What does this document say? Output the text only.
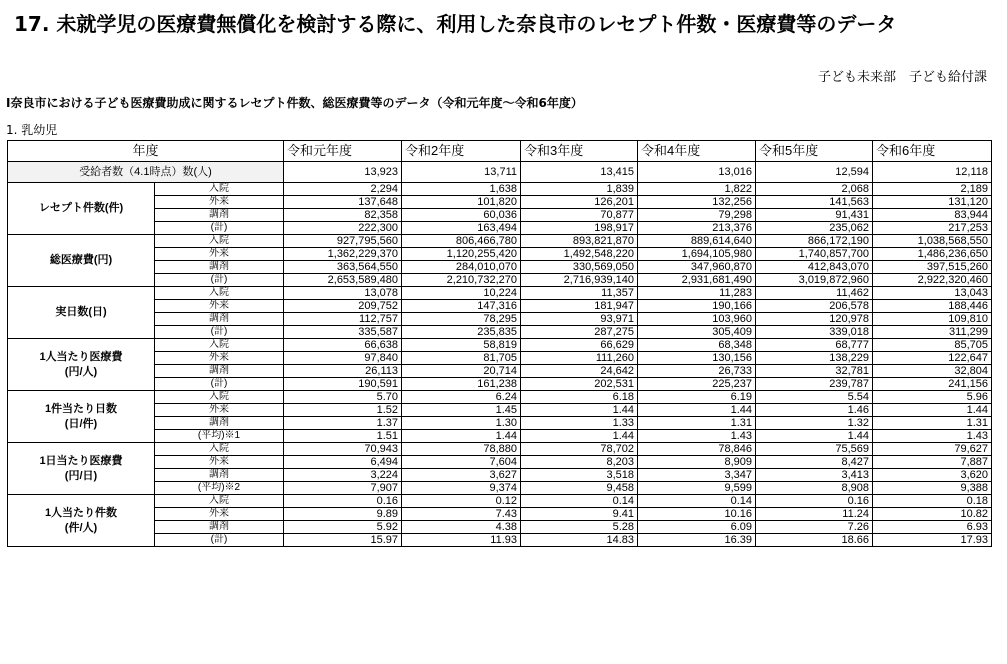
17. 未就学児の医療費無償化を検討する際に、利用した奈良市のレセプト件数・医療費等のデータ
子ども未来部　子ども給付課
Ⅰ奈良市における子ども医療費助成に関するレセプト件数、総医療費等のデータ（令和元年度～令和6年度）
1. 乳幼児
年度		令和元年度	令和2年度	令和3年度	令和4年度	令和5年度	令和6年度
受給者数（4.1時点）数(人)		13,923	13,711	13,415	13,016	12,594	12,118
レセプト件数(件)	入院	2,294	1,638	1,839	1,822	2,068	2,189
	外来	137,648	101,820	126,201	132,256	141,563	131,120
	調剤	82,358	60,036	70,877	79,298	91,431	83,944
	(計)	222,300	163,494	198,917	213,376	235,062	217,253
総医療費(円)	入院	927,795,560	806,466,780	893,821,870	889,614,640	866,172,190	1,038,568,550
	外来	1,362,229,370	1,120,255,420	1,492,548,220	1,694,105,980	1,740,857,700	1,486,236,650
	調剤	363,564,550	284,010,070	330,569,050	347,960,870	412,843,070	397,515,260
	(計)	2,653,589,480	2,210,732,270	2,716,939,140	2,931,681,490	3,019,872,960	2,922,320,460
実日数(日)	入院	13,078	10,224	11,357	11,283	11,462	13,043
	外来	209,752	147,316	181,947	190,166	206,578	188,446
	調剤	112,757	78,295	93,971	103,960	120,978	109,810
	(計)	335,587	235,835	287,275	305,409	339,018	311,299
1人当たり医療費
(円/人)	入院	66,638	58,819	66,629	68,348	68,777	85,705
	外来	97,840	81,705	111,260	130,156	138,229	122,647
	調剤	26,113	20,714	24,642	26,733	32,781	32,804
	(計)	190,591	161,238	202,531	225,237	239,787	241,156
1件当たり日数
(日/件)	入院	5.70	6.24	6.18	6.19	5.54	5.96
	外来	1.52	1.45	1.44	1.44	1.46	1.44
	調剤	1.37	1.30	1.33	1.31	1.32	1.31
	(平均)※1	1.51	1.44	1.44	1.43	1.44	1.43
1日当たり医療費
(円/日)	入院	70,943	78,880	78,702	78,846	75,569	79,627
	外来	6,494	7,604	8,203	8,909	8,427	7,887
	調剤	3,224	3,627	3,518	3,347	3,413	3,620
	(平均)※2	7,907	9,374	9,458	9,599	8,908	9,388
1人当たり件数
(件/人)	入院	0.16	0.12	0.14	0.14	0.16	0.18
	外来	9.89	7.43	9.41	10.16	11.24	10.82
	調剤	5.92	4.38	5.28	6.09	7.26	6.93
	(計)	15.97	11.93	14.83	16.39	18.66	17.93
